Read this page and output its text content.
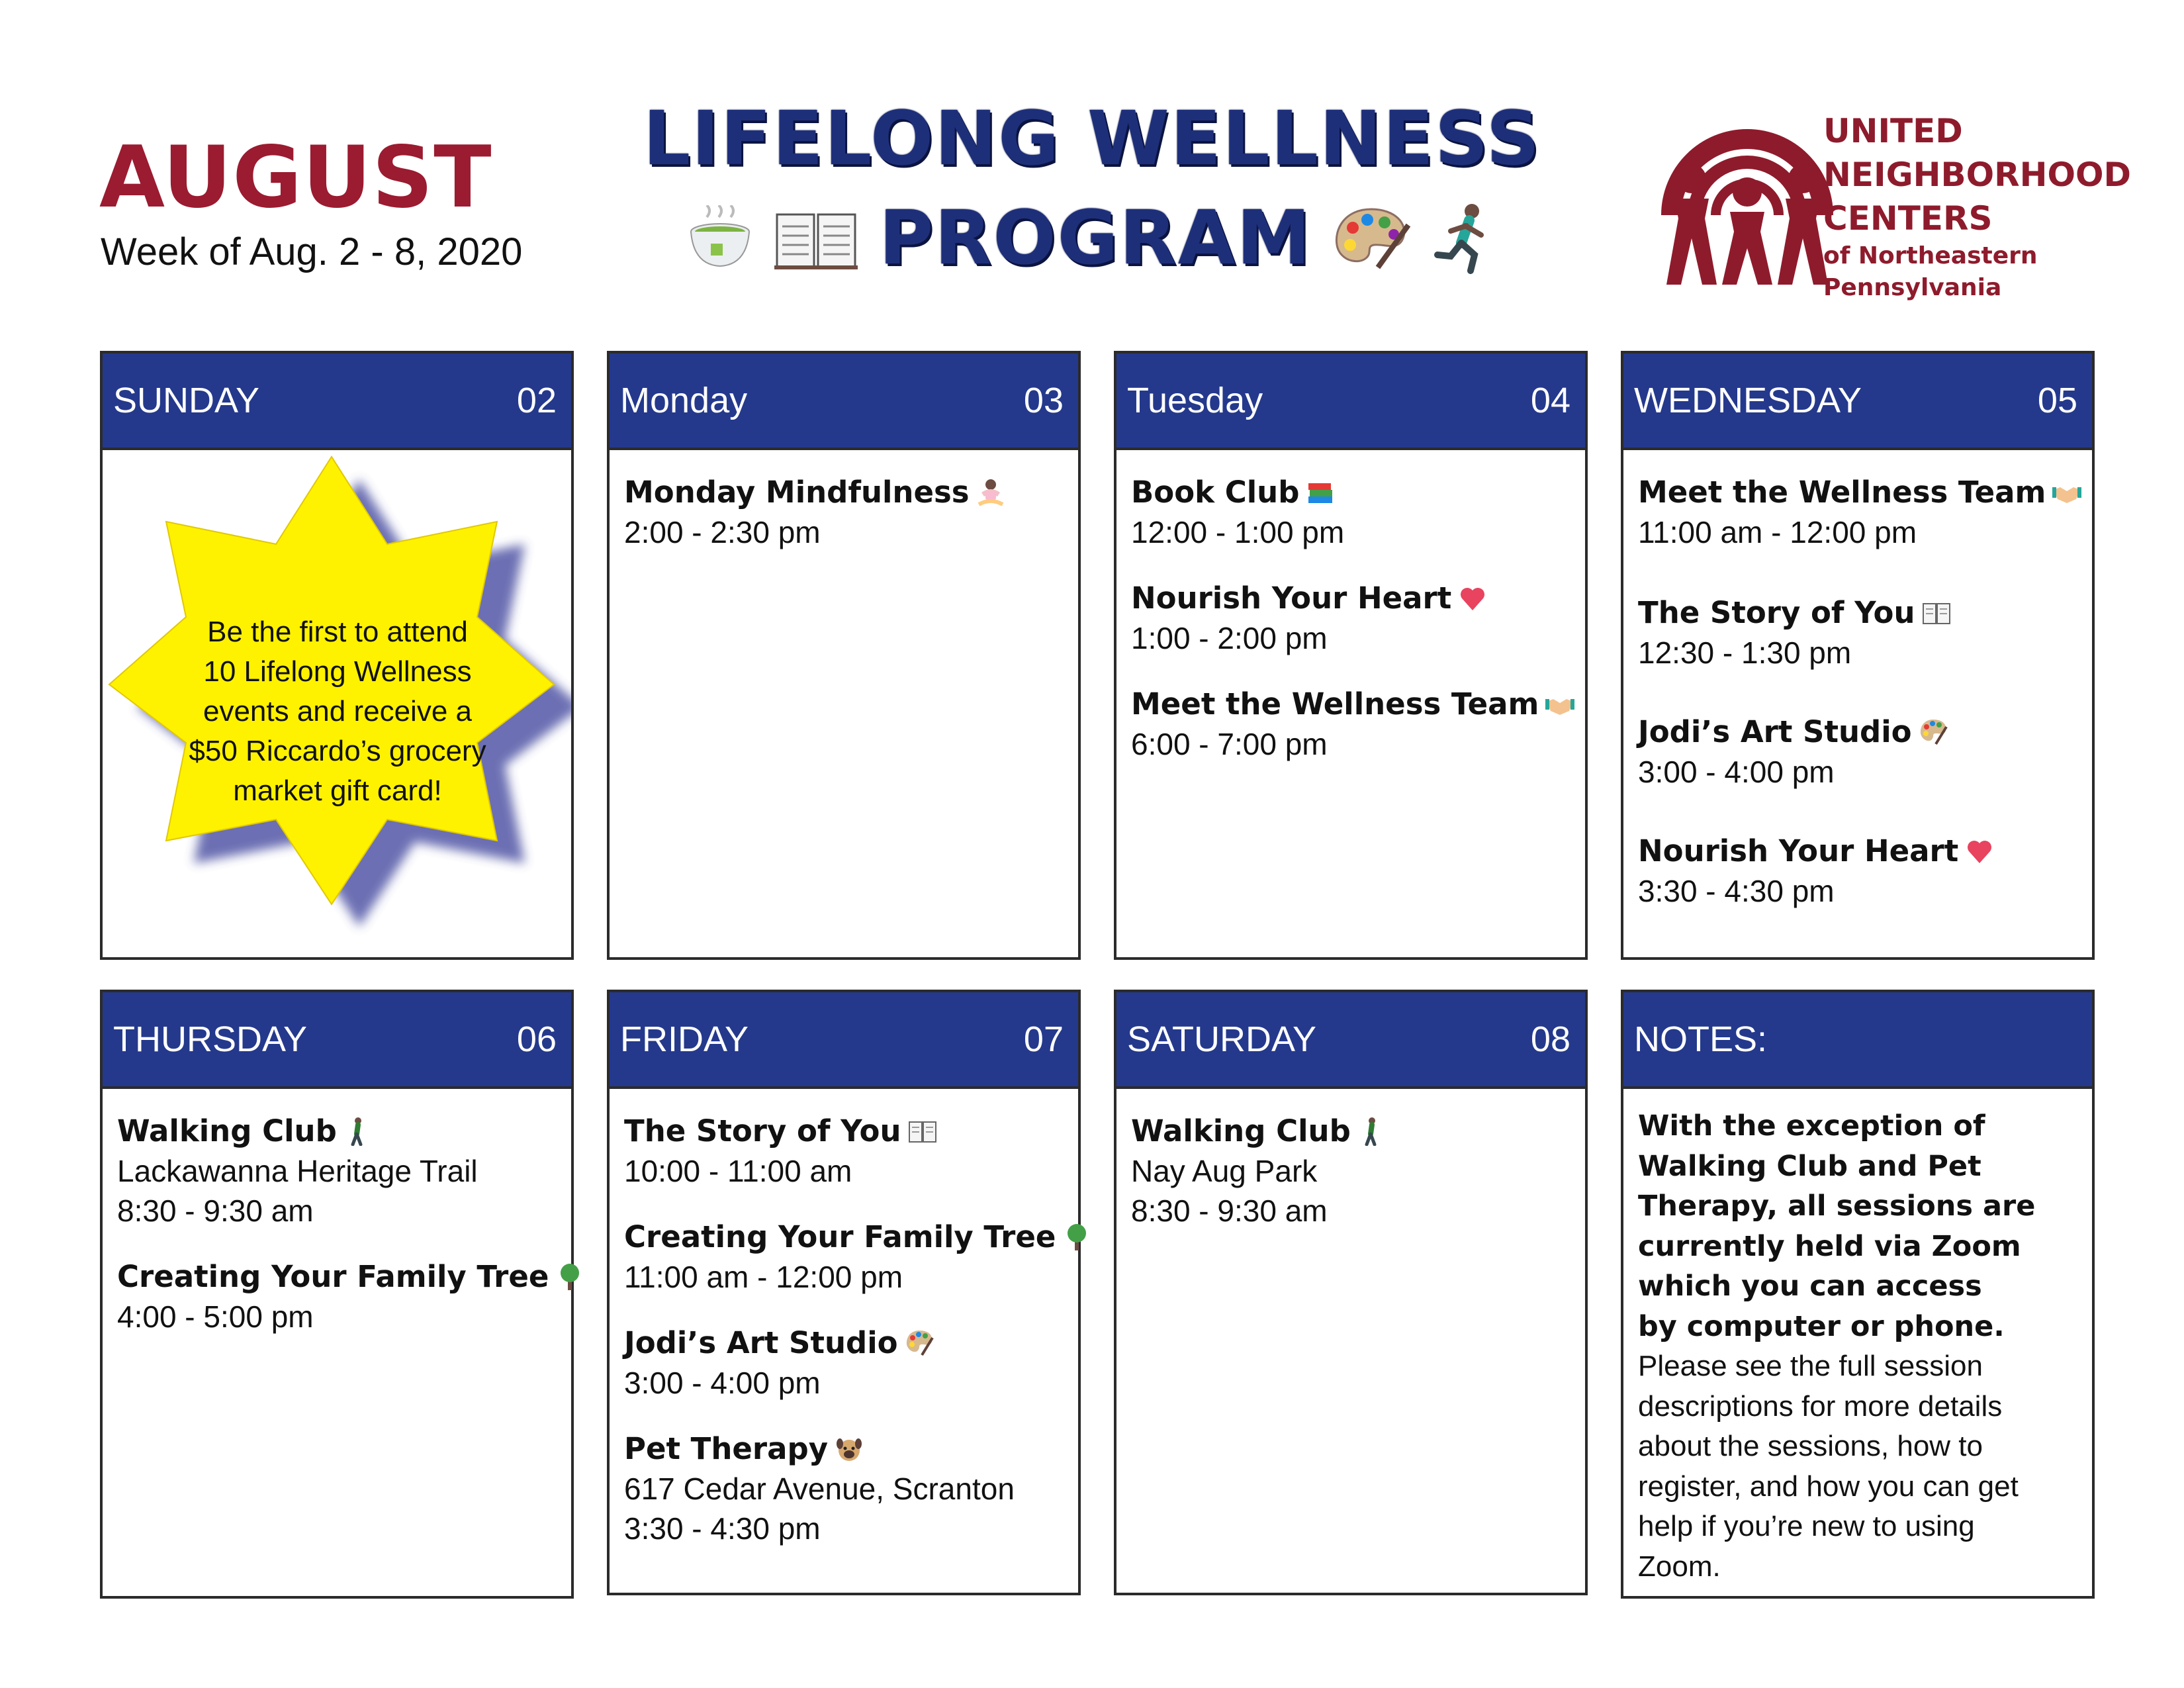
AUGUST
Week of Aug. 2 - 8, 2020
LIFELONG WELLNESS
PROGRAM
UNITED
NEIGHBORHOOD
CENTERS
of Northeastern
Pennsylvania
SUNDAY	02
Be the first to attend
10 Lifelong Wellness
events and receive a
$50 Riccardo’s grocery
market gift card!
Monday	03
Monday Mindfulness
2:00 - 2:30 pm
Tuesday	04
Book Club
12:00 - 1:00 pm
Nourish Your Heart
1:00 - 2:00 pm
Meet the Wellness Team
6:00 - 7:00 pm
WEDNESDAY	05
Meet the Wellness Team
11:00 am - 12:00 pm
The Story of You
12:30 - 1:30 pm
Jodi’s Art Studio
3:00 - 4:00 pm
Nourish Your Heart
3:30 - 4:30 pm
THURSDAY	06
Walking Club
Lackawanna Heritage Trail
8:30 - 9:30 am
Creating Your Family Tree
4:00 - 5:00 pm
FRIDAY	07
The Story of You
10:00 - 11:00 am
Creating Your Family Tree
11:00 am - 12:00 pm
Jodi’s Art Studio
3:00 - 4:00 pm
Pet Therapy
617 Cedar Avenue, Scranton
3:30 - 4:30 pm
SATURDAY	08
Walking Club
Nay Aug Park
8:30 - 9:30 am
NOTES:
With the exception of
Walking Club and Pet
Therapy, all sessions are
currently held via Zoom
which you can access
by computer or phone.
Please see the full session
descriptions for more details
about the sessions, how to
register, and how you can get
help if you’re new to using
Zoom.
